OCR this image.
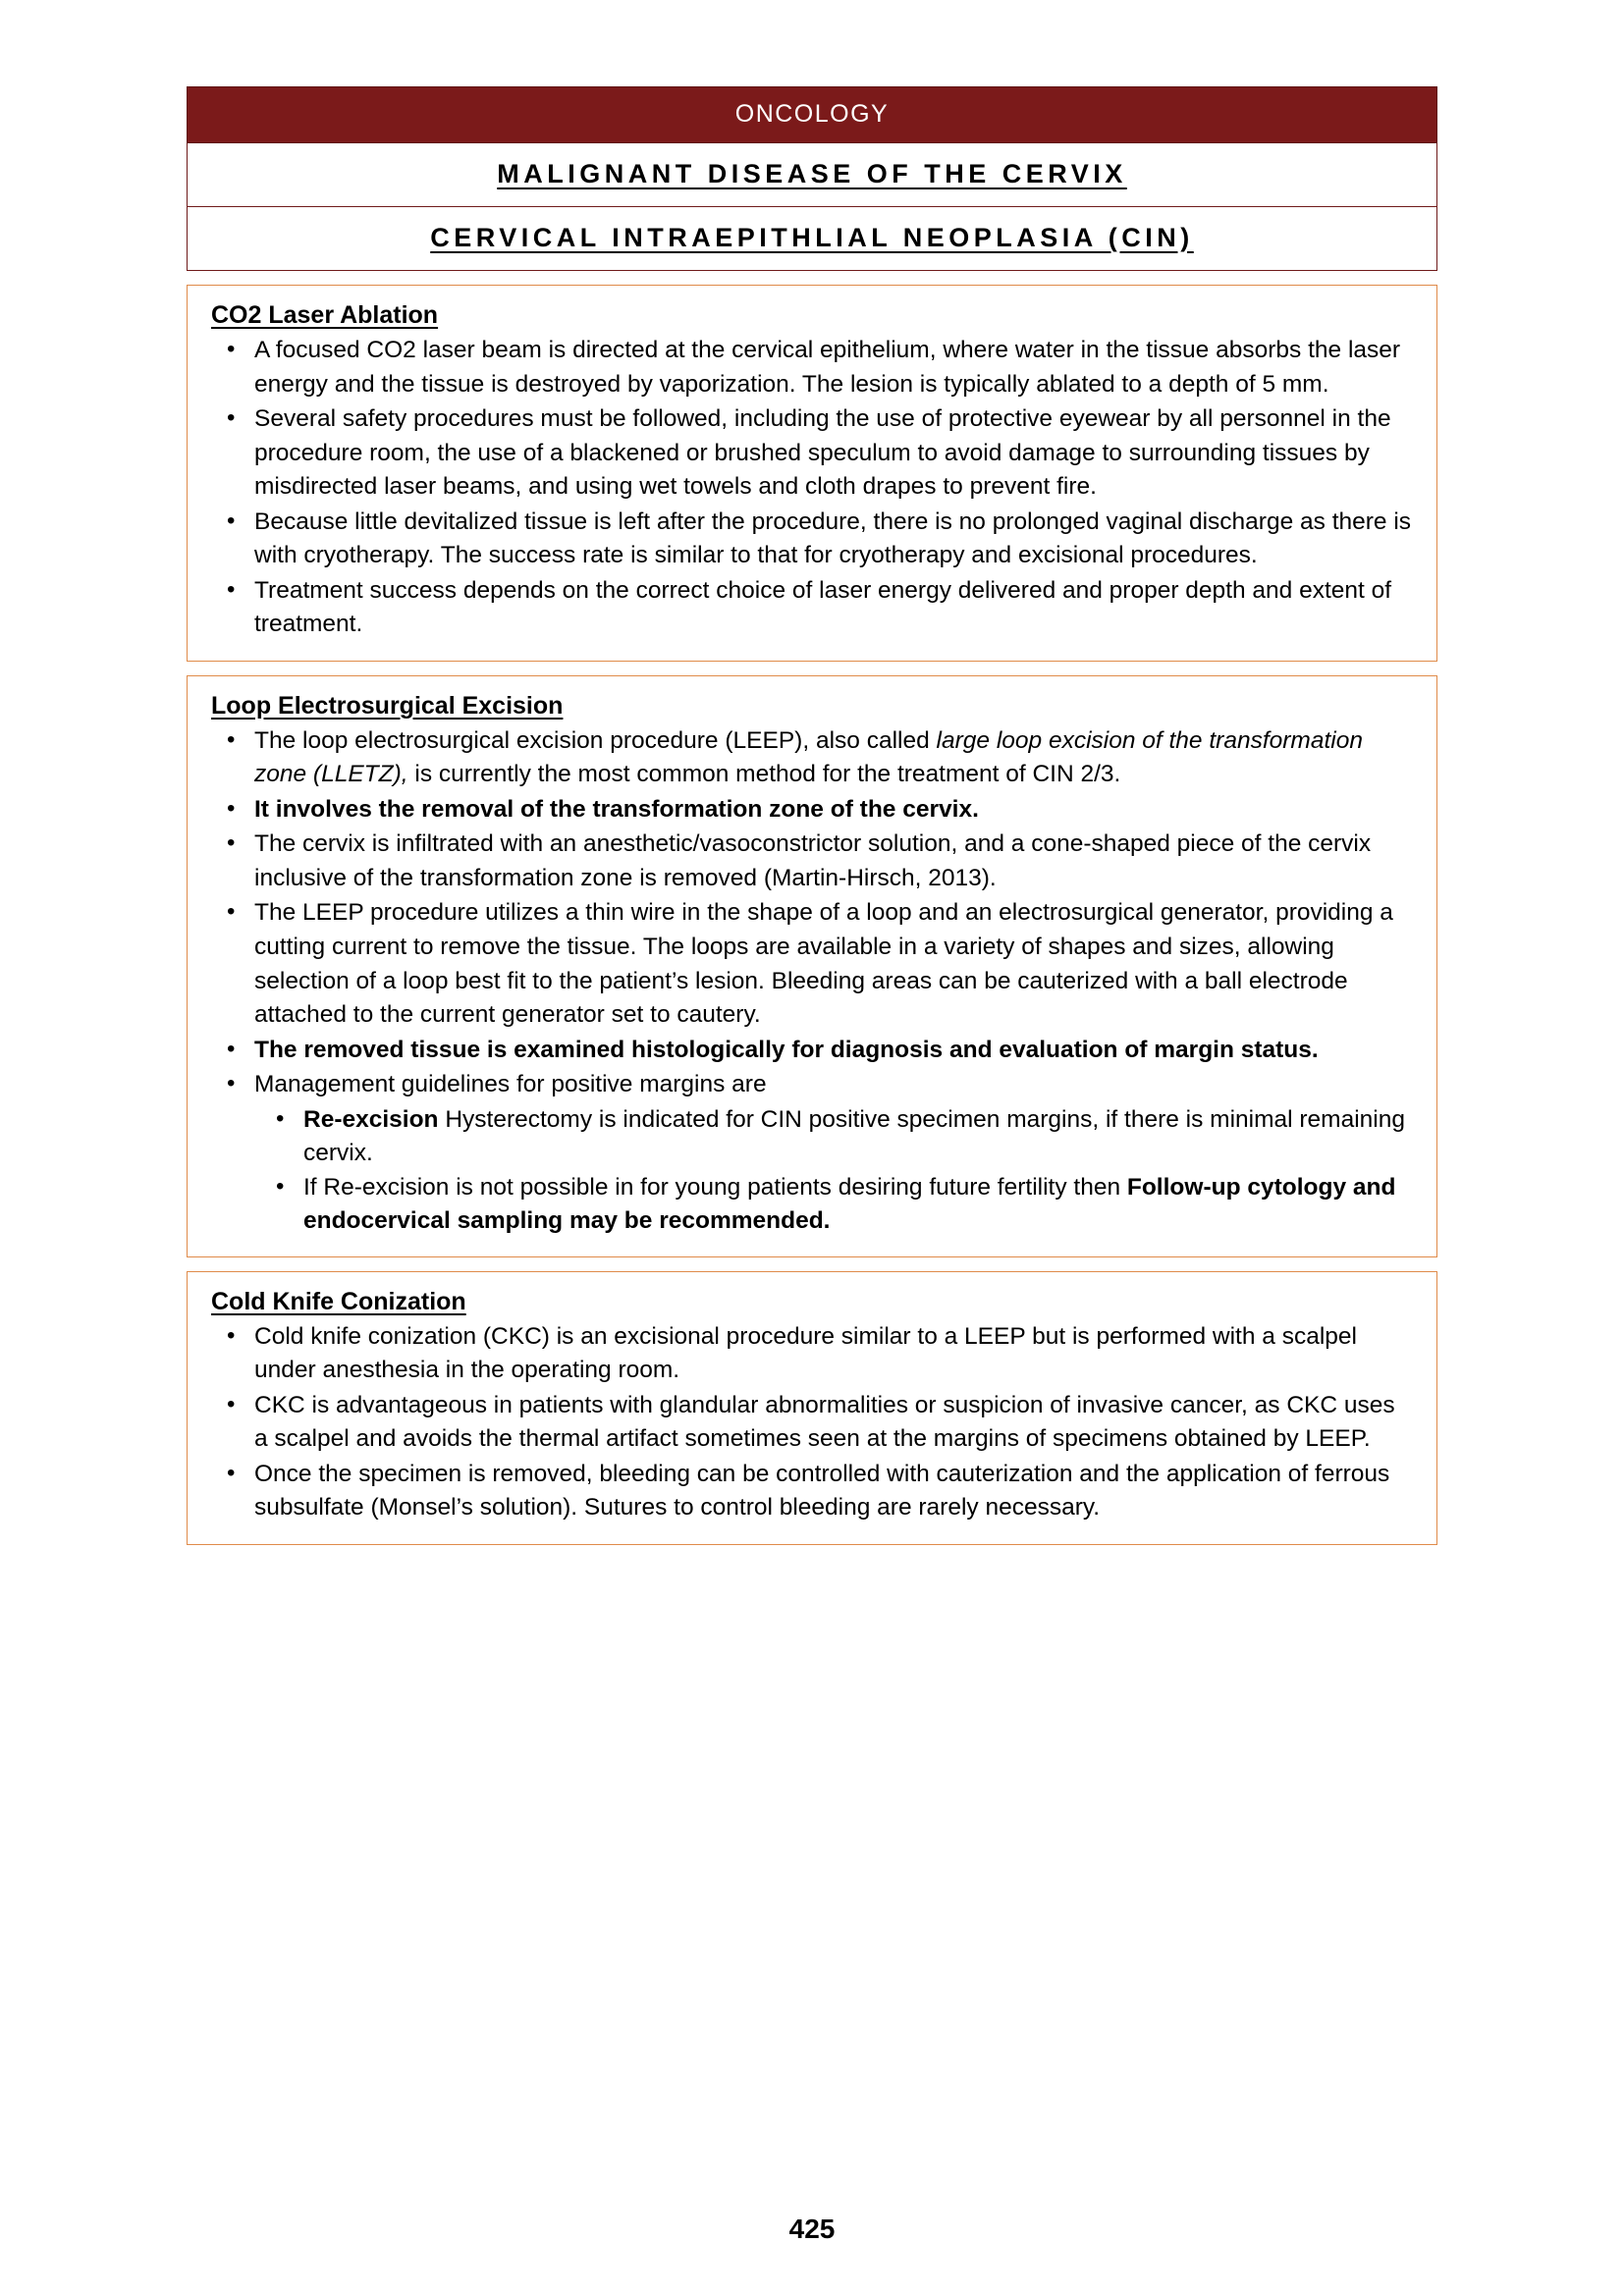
ONCOLOGY
MALIGNANT DISEASE OF THE CERVIX
CERVICAL INTRAEPITHLIAL NEOPLASIA (CIN)
CO2 Laser Ablation
• A focused CO2 laser beam is directed at the cervical epithelium, where water in the tissue absorbs the laser energy and the tissue is destroyed by vaporization. The lesion is typically ablated to a depth of 5 mm.
• Several safety procedures must be followed, including the use of protective eyewear by all personnel in the procedure room, the use of a blackened or brushed speculum to avoid damage to surrounding tissues by misdirected laser beams, and using wet towels and cloth drapes to prevent fire.
• Because little devitalized tissue is left after the procedure, there is no prolonged vaginal discharge as there is with cryotherapy. The success rate is similar to that for cryotherapy and excisional procedures.
• Treatment success depends on the correct choice of laser energy delivered and proper depth and extent of treatment.
Loop Electrosurgical Excision
• The loop electrosurgical excision procedure (LEEP), also called large loop excision of the transformation zone (LLETZ), is currently the most common method for the treatment of CIN 2/3.
• It involves the removal of the transformation zone of the cervix.
• The cervix is infiltrated with an anesthetic/vasoconstrictor solution, and a cone-shaped piece of the cervix inclusive of the transformation zone is removed (Martin-Hirsch, 2013).
• The LEEP procedure utilizes a thin wire in the shape of a loop and an electrosurgical generator, providing a cutting current to remove the tissue. The loops are available in a variety of shapes and sizes, allowing selection of a loop best fit to the patient’s lesion. Bleeding areas can be cauterized with a ball electrode attached to the current generator set to cautery.
• The removed tissue is examined histologically for diagnosis and evaluation of margin status.
• Management guidelines for positive margins are
• Re-excision Hysterectomy is indicated for CIN positive specimen margins, if there is minimal remaining cervix.
• If Re-excision is not possible in for young patients desiring future fertility then Follow-up cytology and endocervical sampling may be recommended.
Cold Knife Conization
• Cold knife conization (CKC) is an excisional procedure similar to a LEEP but is performed with a scalpel under anesthesia in the operating room.
• CKC is advantageous in patients with glandular abnormalities or suspicion of invasive cancer, as CKC uses a scalpel and avoids the thermal artifact sometimes seen at the margins of specimens obtained by LEEP.
• Once the specimen is removed, bleeding can be controlled with cauterization and the application of ferrous subsulfate (Monsel’s solution). Sutures to control bleeding are rarely necessary.
425
